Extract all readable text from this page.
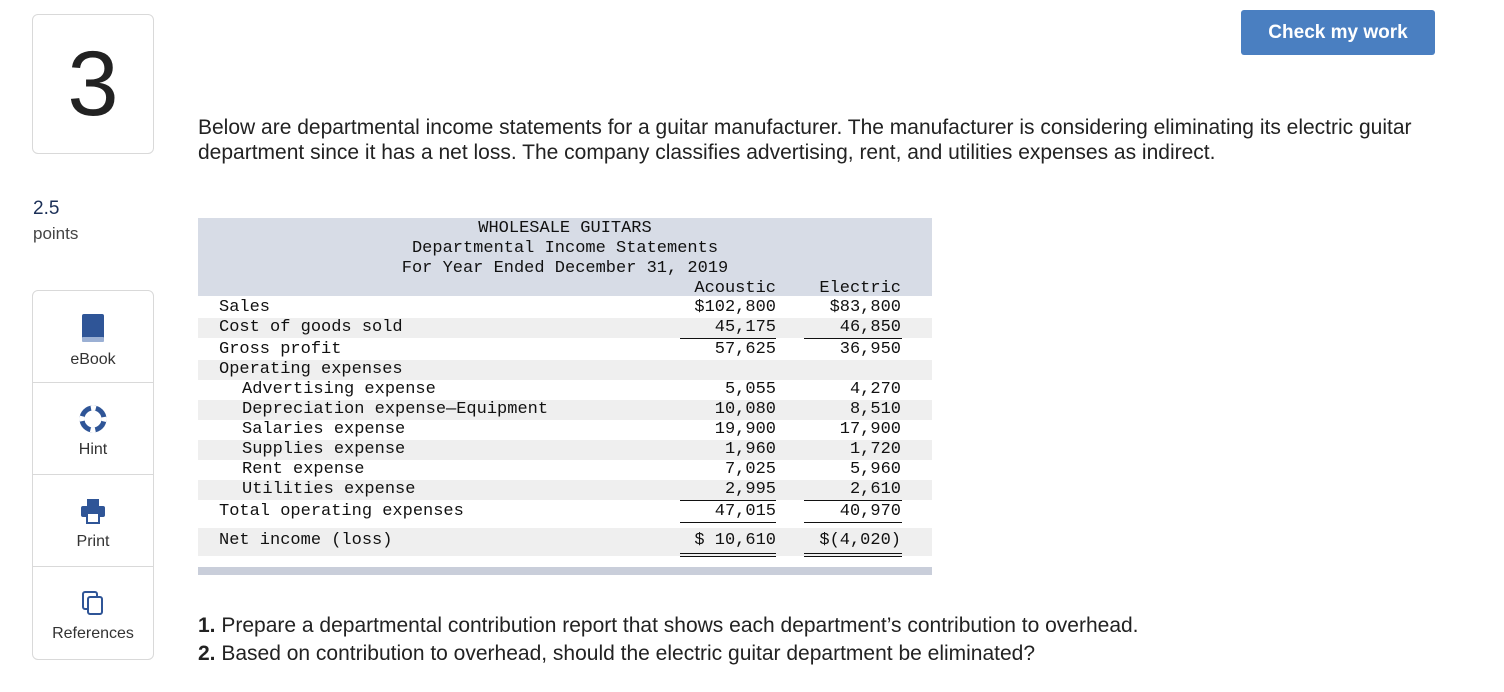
3
2.5
points
eBook
Hint
Print
References
Check my work
Below are departmental income statements for a guitar manufacturer. The manufacturer is considering eliminating its electric guitar department since it has a net loss. The company classifies advertising, rent, and utilities expenses as indirect.
WHOLESALE GUITARS
Departmental Income Statements
For Year Ended December 31, 2019
Acoustic	Electric
Sales	$102,800	$83,800
Cost of goods sold	45,175	46,850
Gross profit	57,625	36,950
Operating expenses
Advertising expense	5,055	4,270
Depreciation expense—Equipment	10,080	8,510
Salaries expense	19,900	17,900
Supplies expense	1,960	1,720
Rent expense	7,025	5,960
Utilities expense	2,995	2,610
Total operating expenses	47,015	40,970
Net income (loss)	$ 10,610	$(4,020)
1. Prepare a departmental contribution report that shows each department’s contribution to overhead.
2. Based on contribution to overhead, should the electric guitar department be eliminated?
